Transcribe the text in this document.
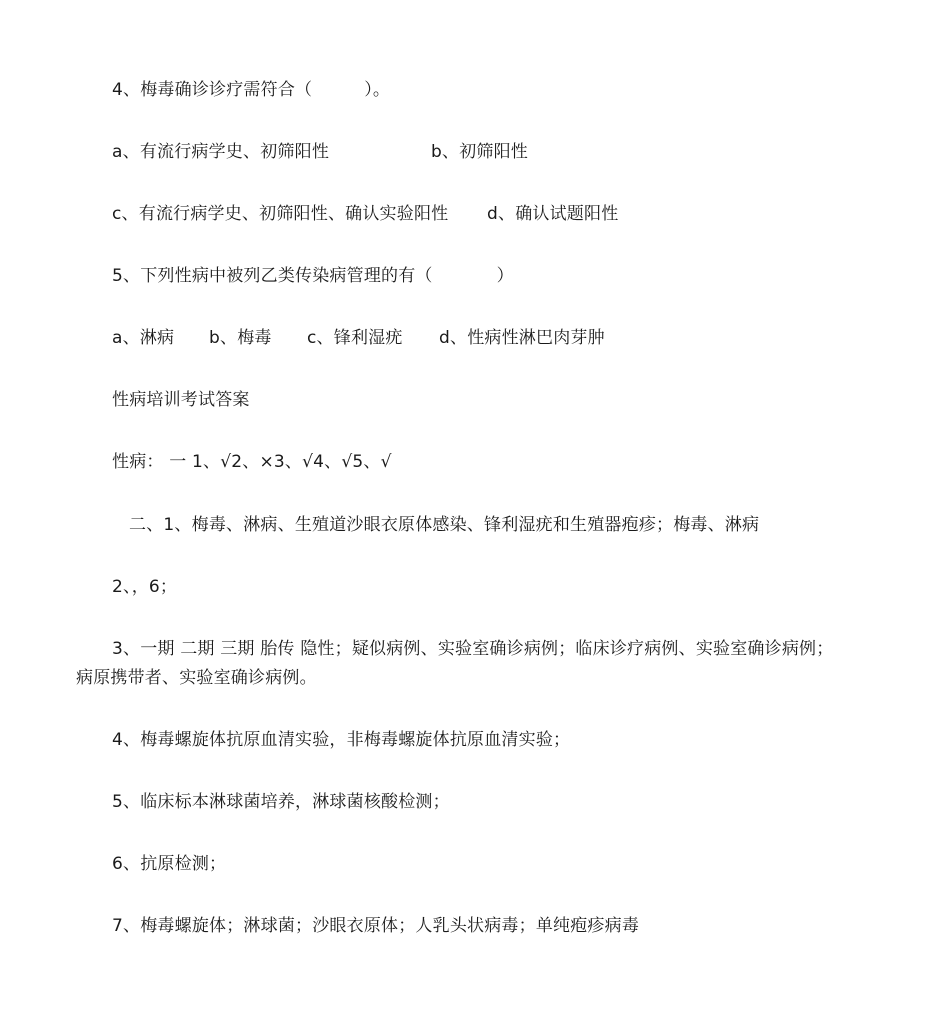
4、梅毒确诊诊疗需符合（	）。
a、有流行病学史、初筛阳性	b、初筛阳性
c、有流行病学史、初筛阳性、确认实验阳性 d、确认试题阳性
5、下列性病中被列乙类传染病管理的有（	）
a、淋病 b、梅毒 c、锋利湿疣 d、性病性淋巴肉芽肿
性病培训考试答案
性病： 一 1、√2、×3、√4、√5、√
二、1、梅毒、淋病、生殖道沙眼衣原体感染、锋利湿疣和生殖器疱疹；梅毒、淋病
2、，6；
3、一期 二期 三期 胎传 隐性；疑似病例、实验室确诊病例；临床诊疗病例、实验室确诊病例；
病原携带者、实验室确诊病例。
4、梅毒螺旋体抗原血清实验，非梅毒螺旋体抗原血清实验；
5、临床标本淋球菌培养，淋球菌核酸检测；
6、抗原检测；
7、梅毒螺旋体；淋球菌；沙眼衣原体；人乳头状病毒；单纯疱疹病毒
